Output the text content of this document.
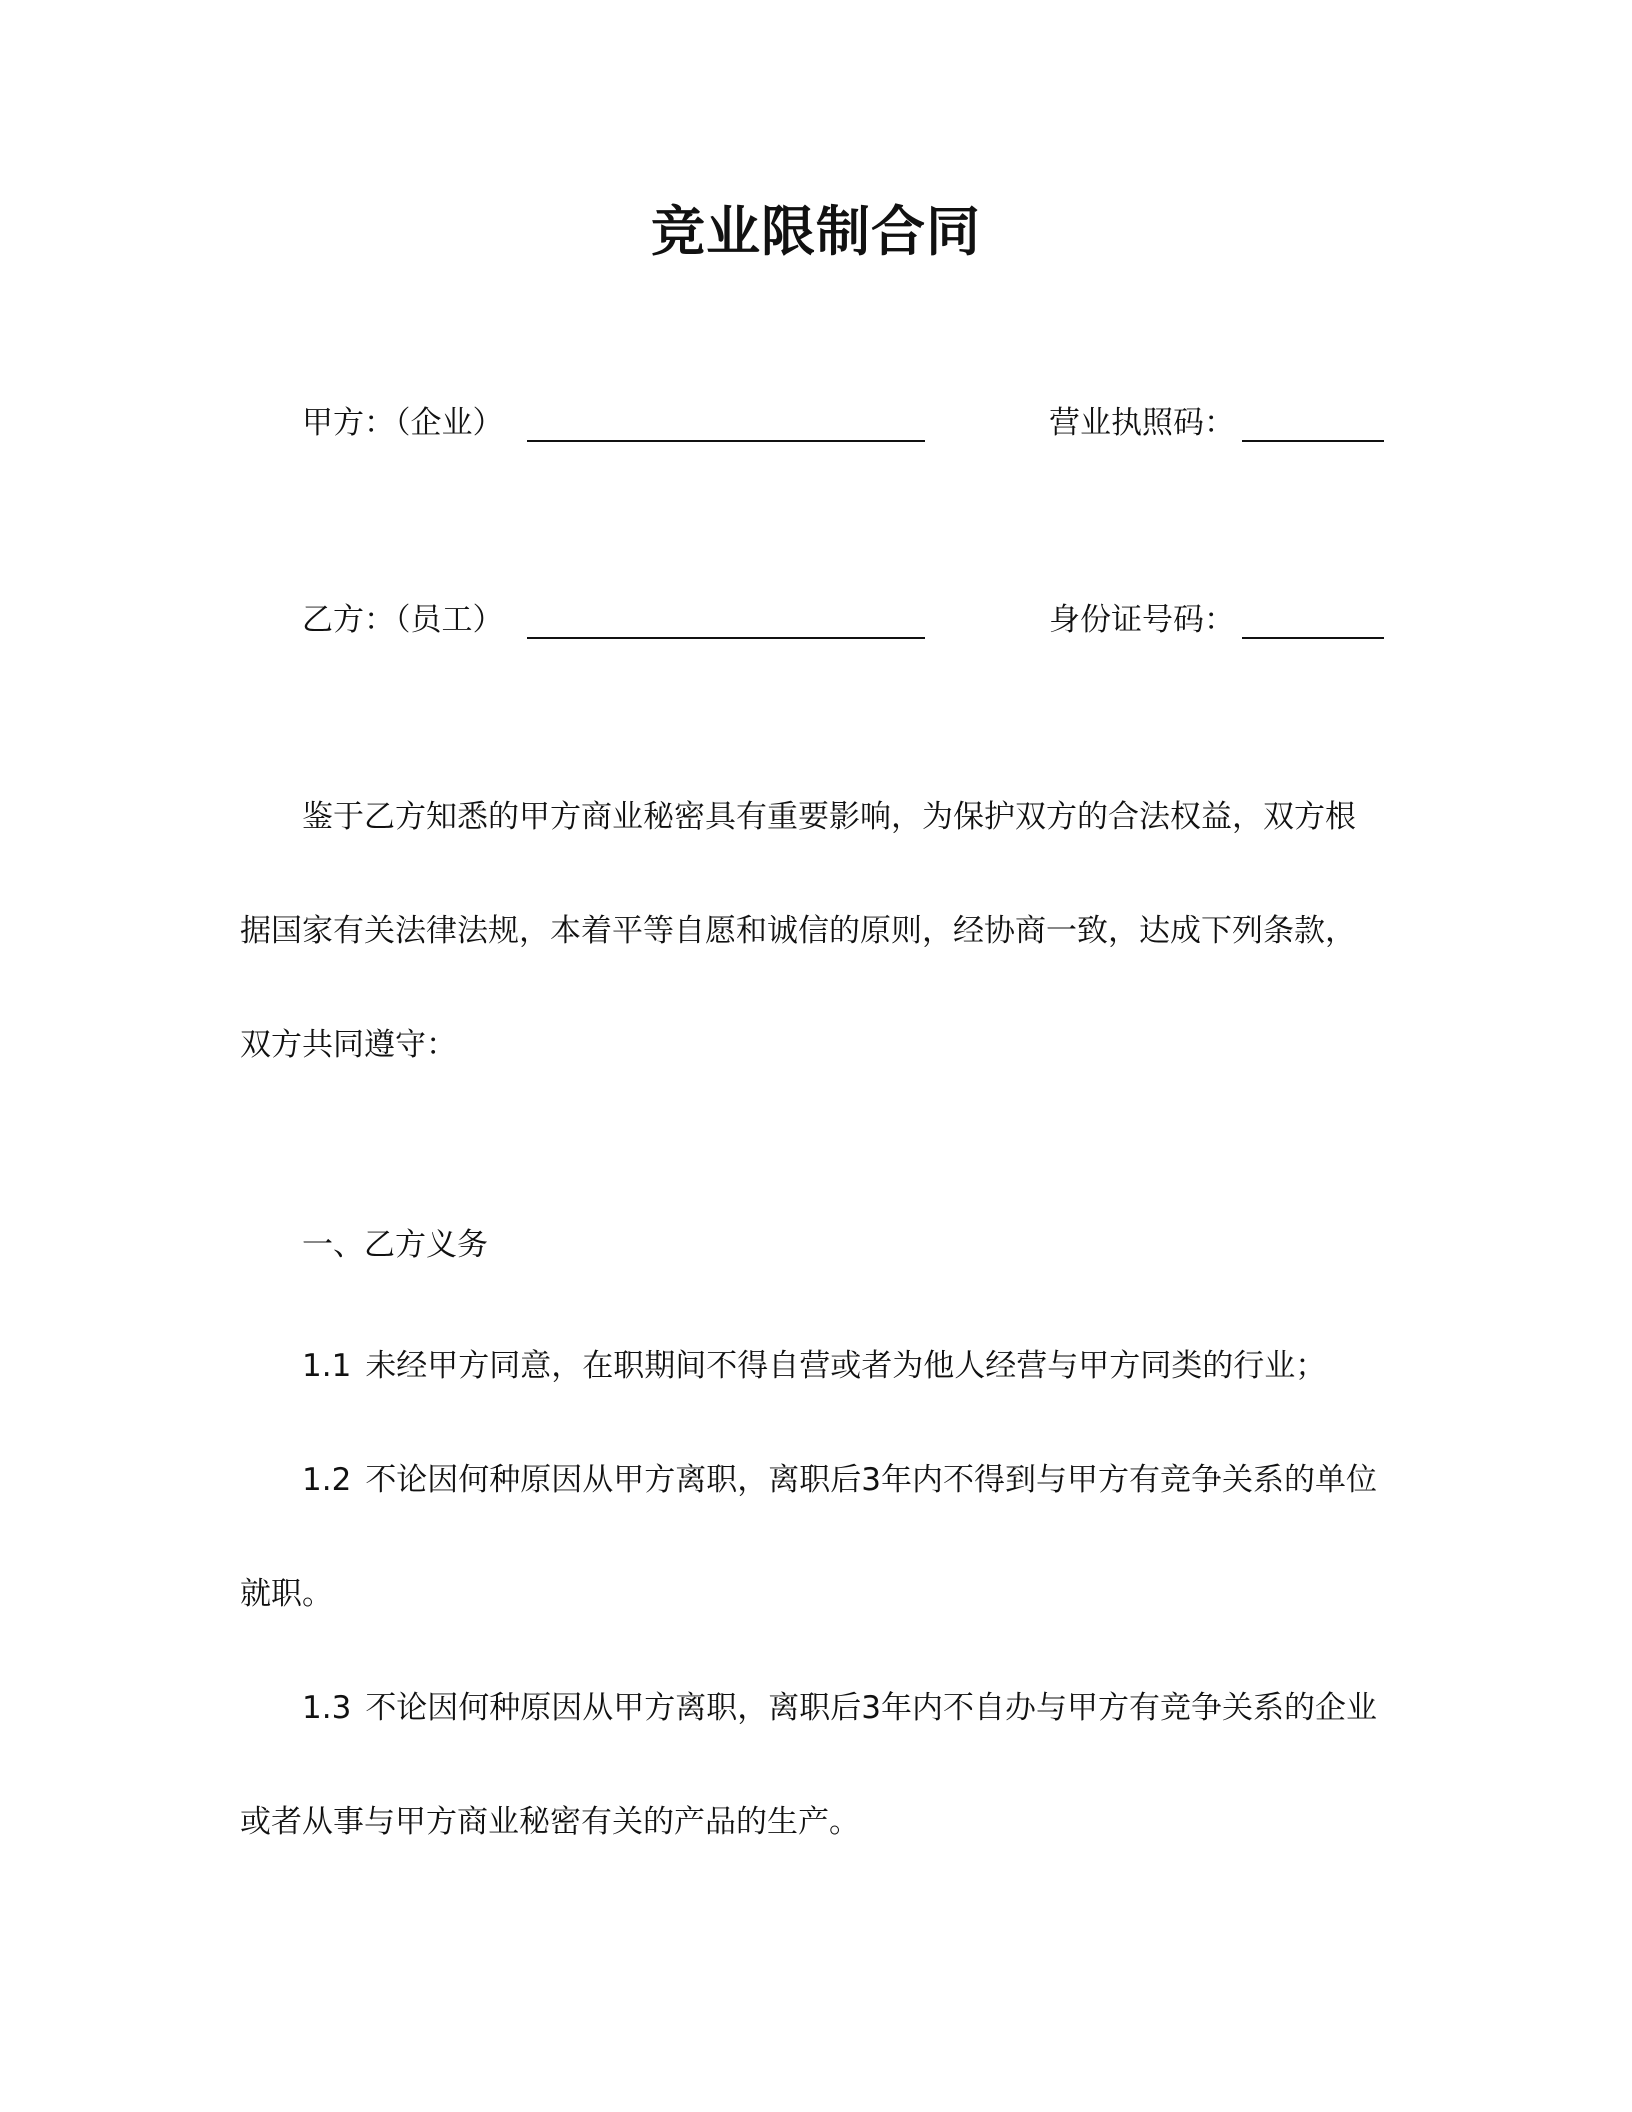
竞业限制合同
甲方：（企业）	营业执照码：
乙方：（员工）	身份证号码：

鉴于乙方知悉的甲方商业秘密具有重要影响，为保护双方的合法权益，双方根据国家有关法律法规，本着平等自愿和诚信的原则，经协商一致，达成下列条款，双方共同遵守：

一、乙方义务

1.1 未经甲方同意，在职期间不得自营或者为他人经营与甲方同类的行业；

1.2 不论因何种原因从甲方离职，离职后3年内不得到与甲方有竞争关系的单位就职。

1.3 不论因何种原因从甲方离职，离职后3年内不自办与甲方有竞争关系的企业或者从事与甲方商业秘密有关的产品的生产。
